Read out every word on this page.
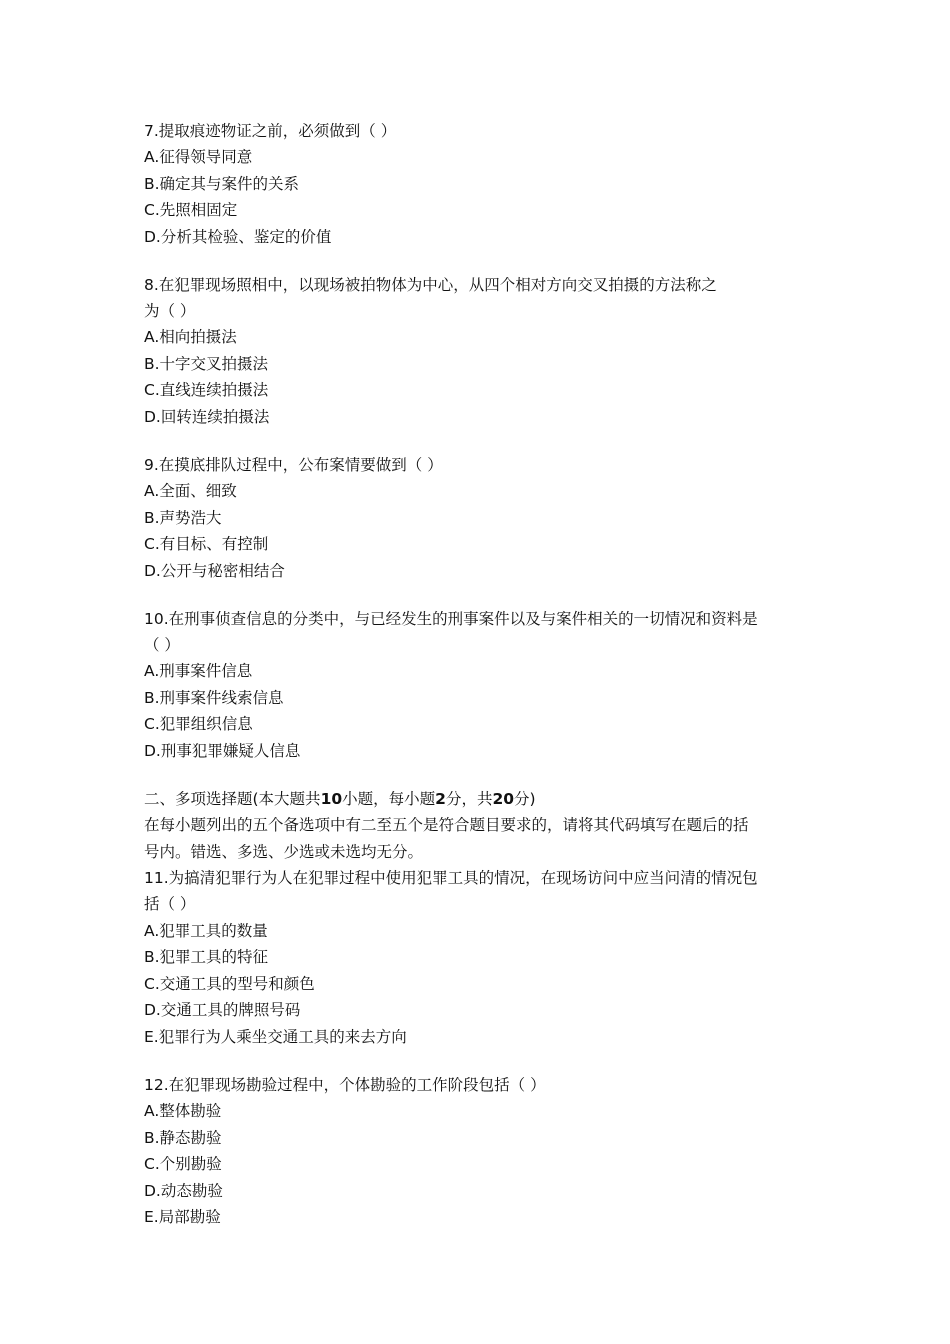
7.提取痕迹物证之前，必须做到（ ）
A.征得领导同意
B.确定其与案件的关系
C.先照相固定
D.分析其检验、鉴定的价值
8.在犯罪现场照相中，以现场被拍物体为中心，从四个相对方向交叉拍摄的方法称之
为（ ）
A.相向拍摄法
B.十字交叉拍摄法
C.直线连续拍摄法
D.回转连续拍摄法
9.在摸底排队过程中，公布案情要做到（ ）
A.全面、细致
B.声势浩大
C.有目标、有控制
D.公开与秘密相结合
10.在刑事侦查信息的分类中，与已经发生的刑事案件以及与案件相关的一切情况和资料是
（ ）
A.刑事案件信息
B.刑事案件线索信息
C.犯罪组织信息
D.刑事犯罪嫌疑人信息
二、多项选择题(本大题共10小题，每小题2分，共20分)
在每小题列出的五个备选项中有二至五个是符合题目要求的，请将其代码填写在题后的括
号内。错选、多选、少选或未选均无分。
11.为搞清犯罪行为人在犯罪过程中使用犯罪工具的情况，在现场访问中应当问清的情况包
括（ ）
A.犯罪工具的数量
B.犯罪工具的特征
C.交通工具的型号和颜色
D.交通工具的牌照号码
E.犯罪行为人乘坐交通工具的来去方向
12.在犯罪现场勘验过程中，个体勘验的工作阶段包括（ ）
A.整体勘验
B.静态勘验
C.个别勘验
D.动态勘验
E.局部勘验
